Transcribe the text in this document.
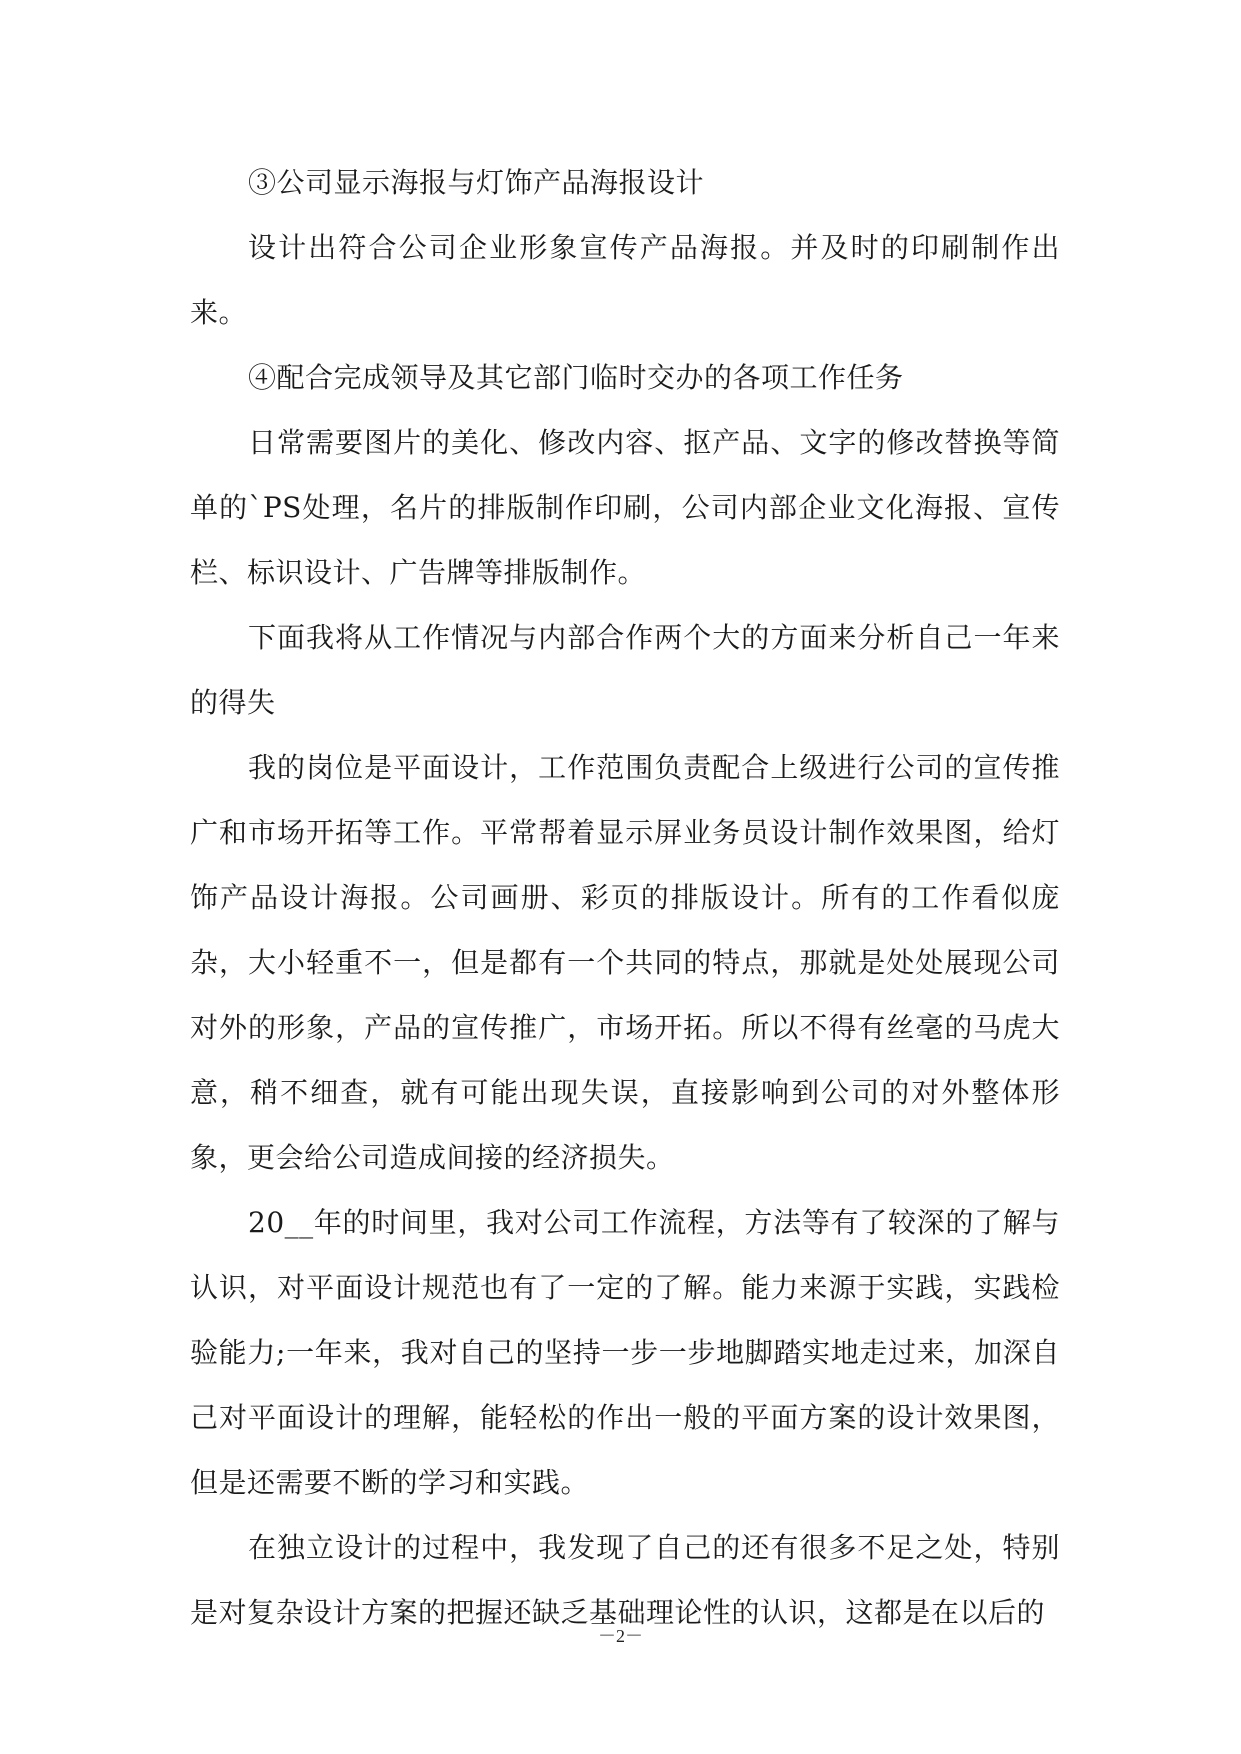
③公司显示海报与灯饰产品海报设计

设计出符合公司企业形象宣传产品海报。并及时的印刷制作出来。

④配合完成领导及其它部门临时交办的各项工作任务

日常需要图片的美化、修改内容、抠产品、文字的修改替换等简单的`PS处理，名片的排版制作印刷，公司内部企业文化海报、宣传栏、标识设计、广告牌等排版制作。

下面我将从工作情况与内部合作两个大的方面来分析自己一年来的得失

我的岗位是平面设计，工作范围负责配合上级进行公司的宣传推广和市场开拓等工作。平常帮着显示屏业务员设计制作效果图，给灯饰产品设计海报。公司画册、彩页的排版设计。所有的工作看似庞杂，大小轻重不一，但是都有一个共同的特点，那就是处处展现公司对外的形象，产品的宣传推广，市场开拓。所以不得有丝毫的马虎大意，稍不细查，就有可能出现失误，直接影响到公司的对外整体形象，更会给公司造成间接的经济损失。

20__年的时间里，我对公司工作流程，方法等有了较深的了解与认识，对平面设计规范也有了一定的了解。能力来源于实践，实践检验能力;一年来，我对自己的坚持一步一步地脚踏实地走过来，加深自己对平面设计的理解，能轻松的作出一般的平面方案的设计效果图，但是还需要不断的学习和实践。

在独立设计的过程中，我发现了自己的还有很多不足之处，特别是对复杂设计方案的把握还缺乏基础理论性的认识，这都是在以后的

－2－
